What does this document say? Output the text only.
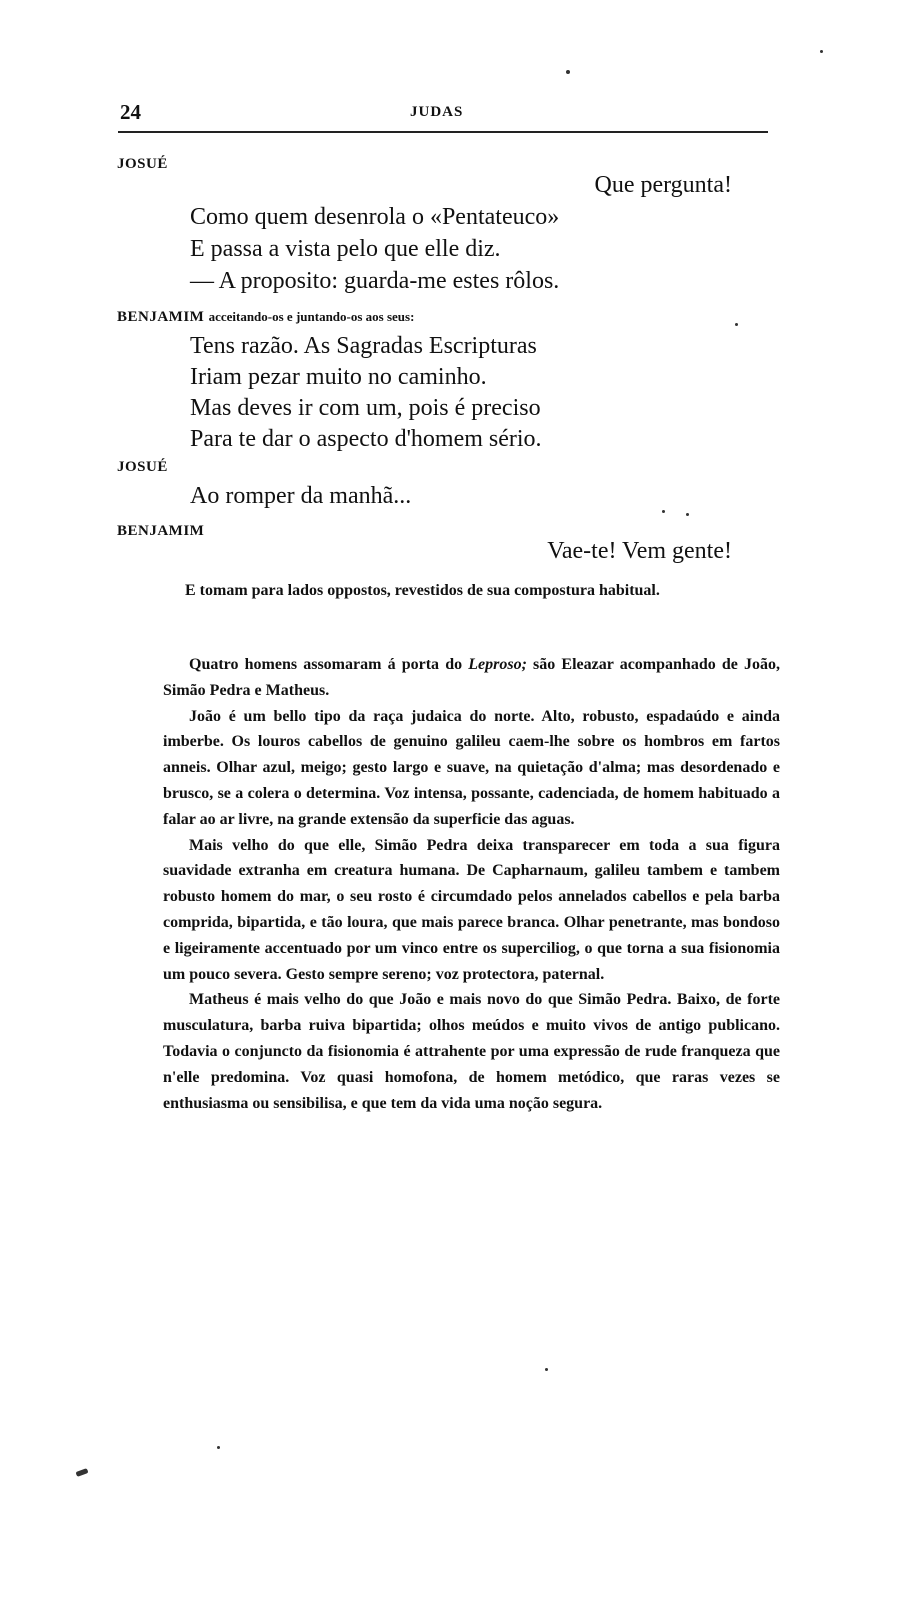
24	JUDAS
JOSUÉ
Que pergunta!
Como quem desenrola o «Pentateuco»
E passa a vista pelo que elle diz.
— A proposito: guarda-me estes rôlos.
BENJAMIM acceitando-os e juntando-os aos seus:
Tens razão. As Sagradas Escripturas
Iriam pezar muito no caminho.
Mas deves ir com um, pois é preciso
Para te dar o aspecto d'homem sério.
JOSUÉ
Ao romper da manhã...
BENJAMIM
Vae-te! Vem gente!

E tomam para lados oppostos, revestidos de sua compostura habitual.

Quatro homens assomaram á porta do Leproso; são Eleazar acompanhado de João, Simão Pedra e Matheus.

João é um bello tipo da raça judaica do norte. Alto, robusto, espadaúdo e ainda imberbe. Os louros cabellos de genuino galileu caem-lhe sobre os hombros em fartos anneis. Olhar azul, meigo; gesto largo e suave, na quietação d'alma; mas desordenado e brusco, se a colera o determina. Voz intensa, possante, cadenciada, de homem habituado a falar ao ar livre, na grande extensão da superficie das aguas.

Mais velho do que elle, Simão Pedra deixa transparecer em toda a sua figura suavidade extranha em creatura humana. De Capharnaum, galileu tambem e tambem robusto homem do mar, o seu rosto é circumdado pelos annelados cabellos e pela barba comprida, bipartida, e tão loura, que mais parece branca. Olhar penetrante, mas bondoso e ligeiramente accentuado por um vinco entre os superciliog, o que torna a sua fisionomia um pouco severa. Gesto sempre sereno; voz protectora, paternal.

Matheus é mais velho do que João e mais novo do que Simão Pedra. Baixo, de forte musculatura, barba ruiva bipartida; olhos meúdos e muito vivos de antigo publicano. Todavia o conjuncto da fisionomia é attrahente por uma expressão de rude franqueza que n'elle predomina. Voz quasi homofona, de homem metódico, que raras vezes se enthusiasma ou sensibilisa, e que tem da vida uma noção segura.
